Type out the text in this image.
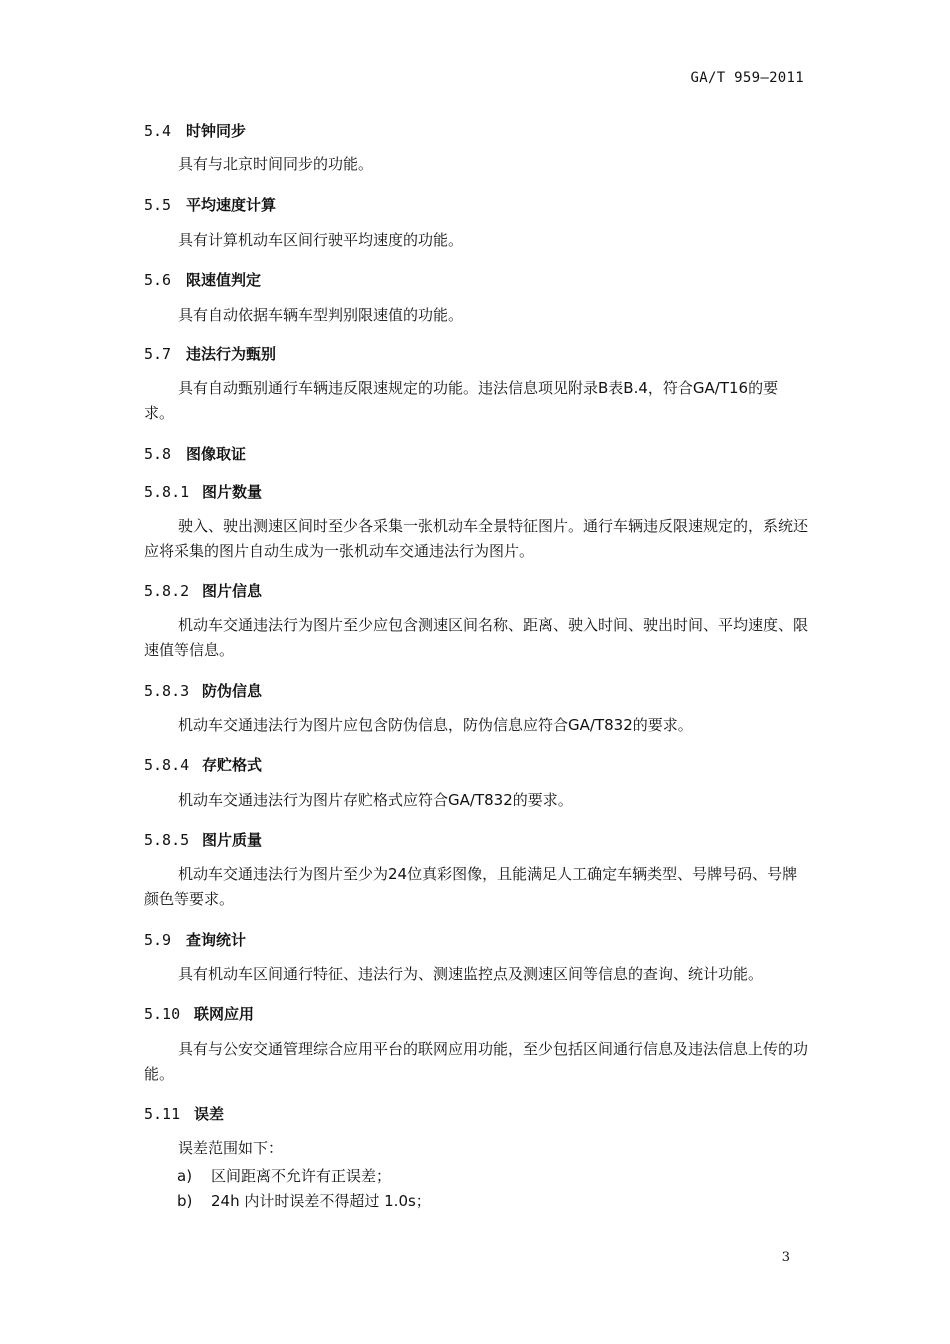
GA/T 959—2011
5.4 时钟同步
具有与北京时间同步的功能。
5.5 平均速度计算
具有计算机动车区间行驶平均速度的功能。
5.6 限速值判定
具有自动依据车辆车型判别限速值的功能。
5.7 违法行为甄别
具有自动甄别通行车辆违反限速规定的功能。违法信息项见附录B表B.4，符合GA/T16的要求。
5.8 图像取证
5.8.1 图片数量
驶入、驶出测速区间时至少各采集一张机动车全景特征图片。通行车辆违反限速规定的，系统还应将采集的图片自动生成为一张机动车交通违法行为图片。
5.8.2 图片信息
机动车交通违法行为图片至少应包含测速区间名称、距离、驶入时间、驶出时间、平均速度、限速值等信息。
5.8.3 防伪信息
机动车交通违法行为图片应包含防伪信息，防伪信息应符合GA/T832的要求。
5.8.4 存贮格式
机动车交通违法行为图片存贮格式应符合GA/T832的要求。
5.8.5 图片质量
机动车交通违法行为图片至少为24位真彩图像，且能满足人工确定车辆类型、号牌号码、号牌颜色等要求。
5.9 查询统计
具有机动车区间通行特征、违法行为、测速监控点及测速区间等信息的查询、统计功能。
5.10 联网应用
具有与公安交通管理综合应用平台的联网应用功能，至少包括区间通行信息及违法信息上传的功能。
5.11 误差
误差范围如下：
a) 区间距离不允许有正误差；
b) 24h 内计时误差不得超过 1.0s；
3
